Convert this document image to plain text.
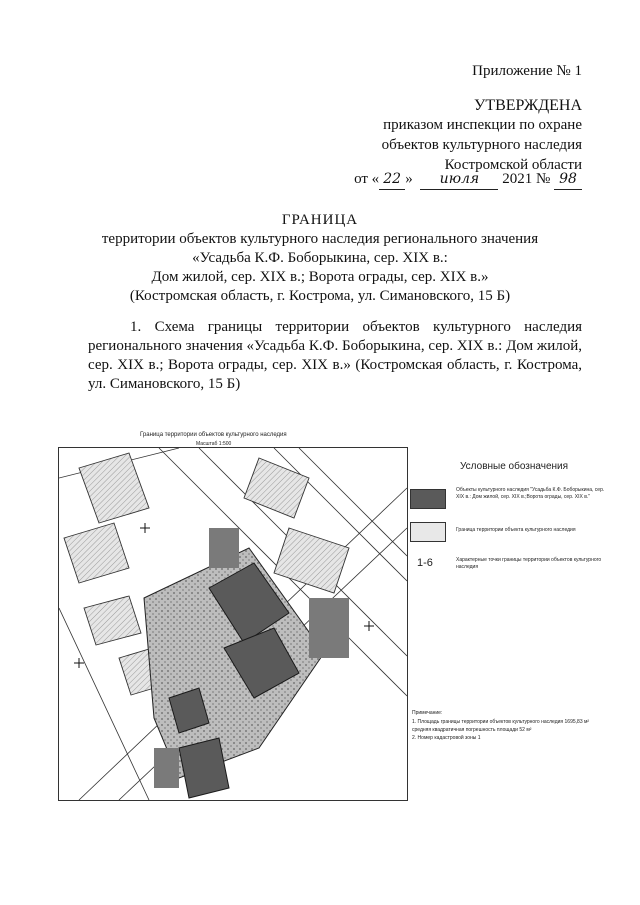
Приложение № 1
УТВЕРЖДЕНА
приказом инспекции по охране
объектов культурного наследия
Костромской области
от « 22 » июля 2021 № 98
ГРАНИЦА
территории объектов культурного наследия регионального значения
«Усадьба К.Ф. Боборыкина, сер. XIX в.:
Дом жилой, сер. XIX в.; Ворота ограды, сер. XIX в.»
(Костромская область, г. Кострома, ул. Симановского, 15 Б)
1. Схема границы территории объектов культурного наследия регионального значения «Усадьба К.Ф. Боборыкина, сер. XIX в.: Дом жилой, сер. XIX в.; Ворота ограды, сер. XIX в.» (Костромская область, г. Кострома, ул. Симановского, 15 Б)
Граница территории объектов культурного наследия
Масштаб 1:500
Условные обозначения
Объекты культурного наследия "Усадьба К.Ф. Боборыкина, сер. XIX в.: Дом жилой, сер. XIX в.;Ворота ограды, сер. XIX в."
Граница территории объекта культурного наследия
1-6	Характерные точки границы территории объектов культурного наследия
Примечание:
1. Площадь границы территории объектов культурного наследия 1695,83 м²
средняя квадратичная погрешность площади 52 м²
2. Номер кадастровой зоны 1
